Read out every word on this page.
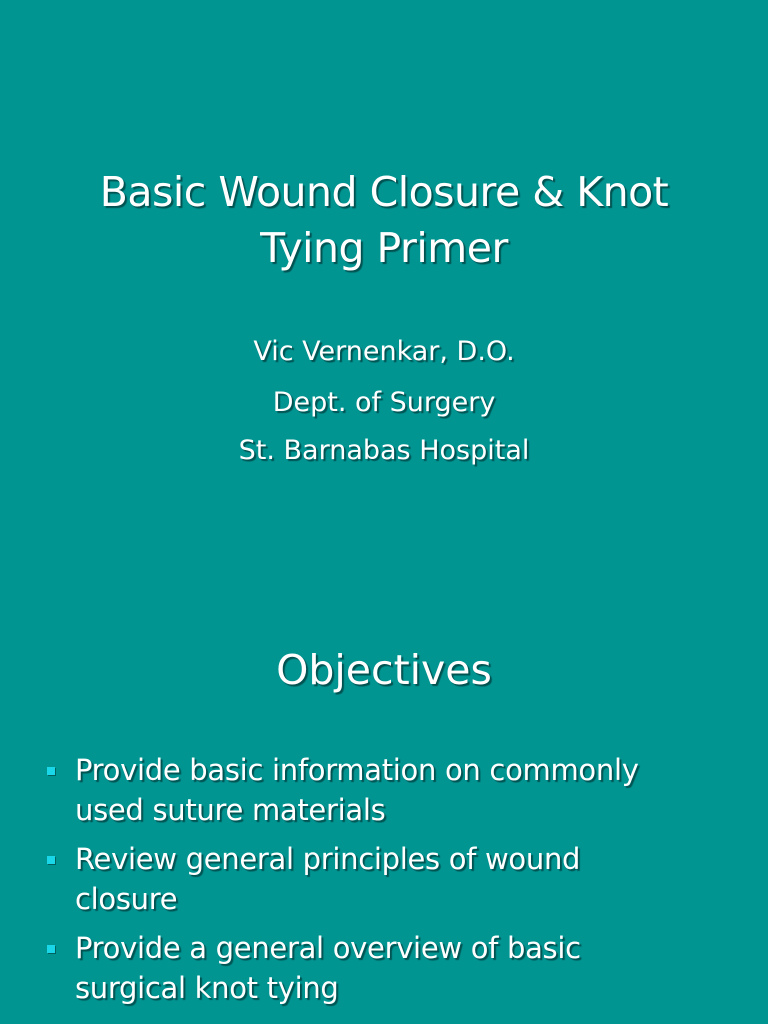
Basic Wound Closure & Knot
Tying Primer
Vic Vernenkar, D.O.
Dept. of Surgery
St. Barnabas Hospital
Objectives
Provide basic information on commonly
used suture materials
Review general principles of wound
closure
Provide a general overview of basic
surgical knot tying
